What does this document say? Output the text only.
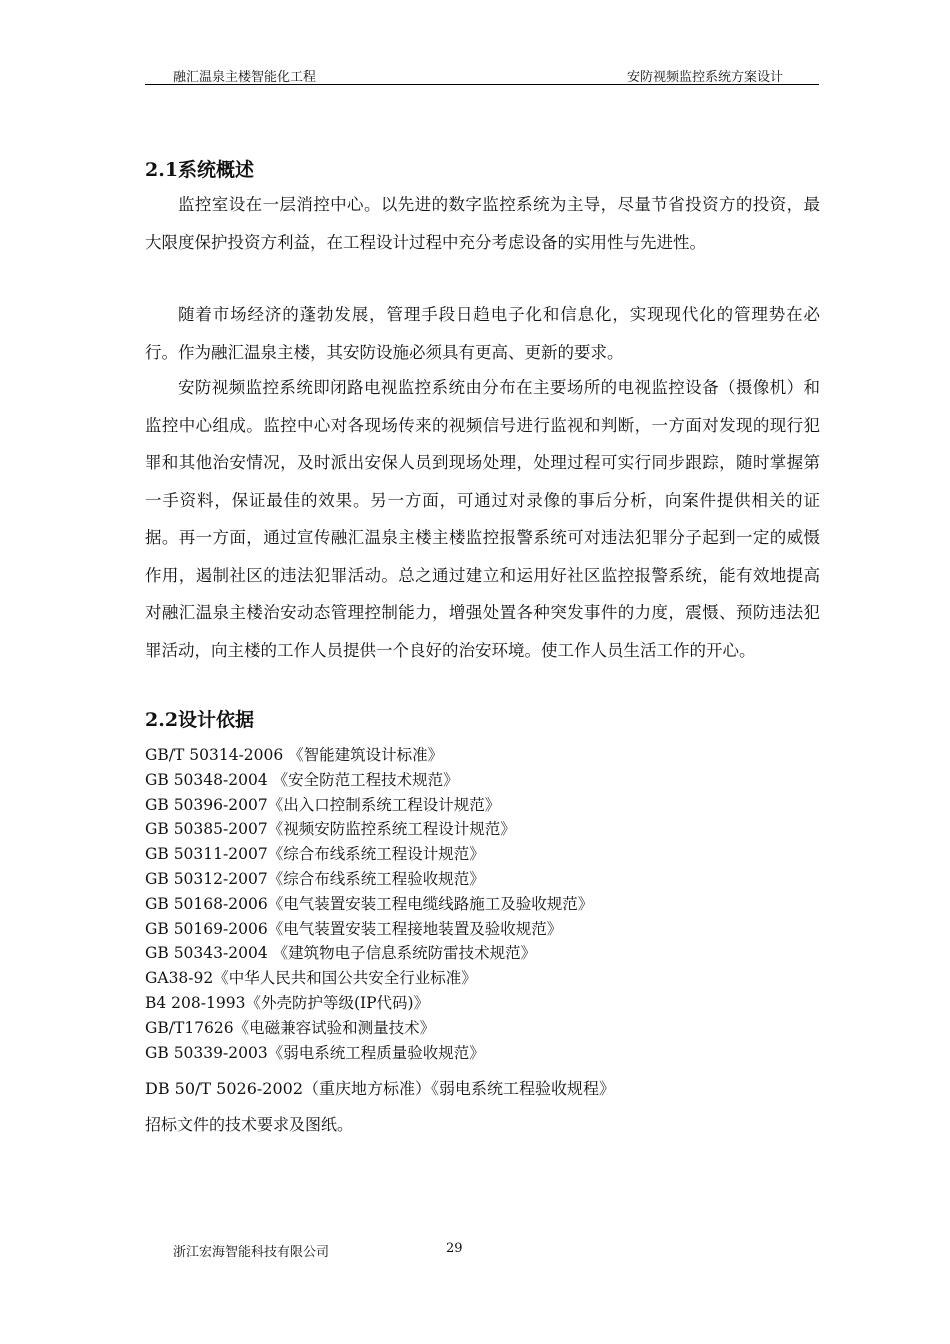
融汇温泉主楼智能化工程	安防视频监控系统方案设计
2.1系统概述

监控室设在一层消控中心。以先进的数字监控系统为主导，尽量节省投资方的投资，最大限度保护投资方利益，在工程设计过程中充分考虑设备的实用性与先进性。

随着市场经济的蓬勃发展，管理手段日趋电子化和信息化，实现现代化的管理势在必行。作为融汇温泉主楼，其安防设施必须具有更高、更新的要求。

安防视频监控系统即闭路电视监控系统由分布在主要场所的电视监控设备（摄像机）和监控中心组成。监控中心对各现场传来的视频信号进行监视和判断，一方面对发现的现行犯罪和其他治安情况，及时派出安保人员到现场处理，处理过程可实行同步跟踪，随时掌握第一手资料，保证最佳的效果。另一方面，可通过对录像的事后分析，向案件提供相关的证据。再一方面，通过宣传融汇温泉主楼主楼监控报警系统可对违法犯罪分子起到一定的威慑作用，遏制社区的违法犯罪活动。总之通过建立和运用好社区监控报警系统，能有效地提高对融汇温泉主楼治安动态管理控制能力，增强处置各种突发事件的力度，震慑、预防违法犯罪活动，向主楼的工作人员提供一个良好的治安环境。使工作人员生活工作的开心。

2.2设计依据
GB/T 50314-2006 《智能建筑设计标准》
GB 50348-2004 《安全防范工程技术规范》
GB 50396-2007《出入口控制系统工程设计规范》
GB 50385-2007《视频安防监控系统工程设计规范》
GB 50311-2007《综合布线系统工程设计规范》
GB 50312-2007《综合布线系统工程验收规范》
GB 50168-2006《电气装置安装工程电缆线路施工及验收规范》
GB 50169-2006《电气装置安装工程接地装置及验收规范》
GB 50343-2004 《建筑物电子信息系统防雷技术规范》
GA38-92《中华人民共和国公共安全行业标准》
B4 208-1993《外壳防护等级(IP代码)》
GB/T17626《电磁兼容试验和测量技术》
GB 50339-2003《弱电系统工程质量验收规范》

DB 50/T 5026-2002（重庆地方标准）《弱电系统工程验收规程》

招标文件的技术要求及图纸。

浙江宏海智能科技有限公司	29
